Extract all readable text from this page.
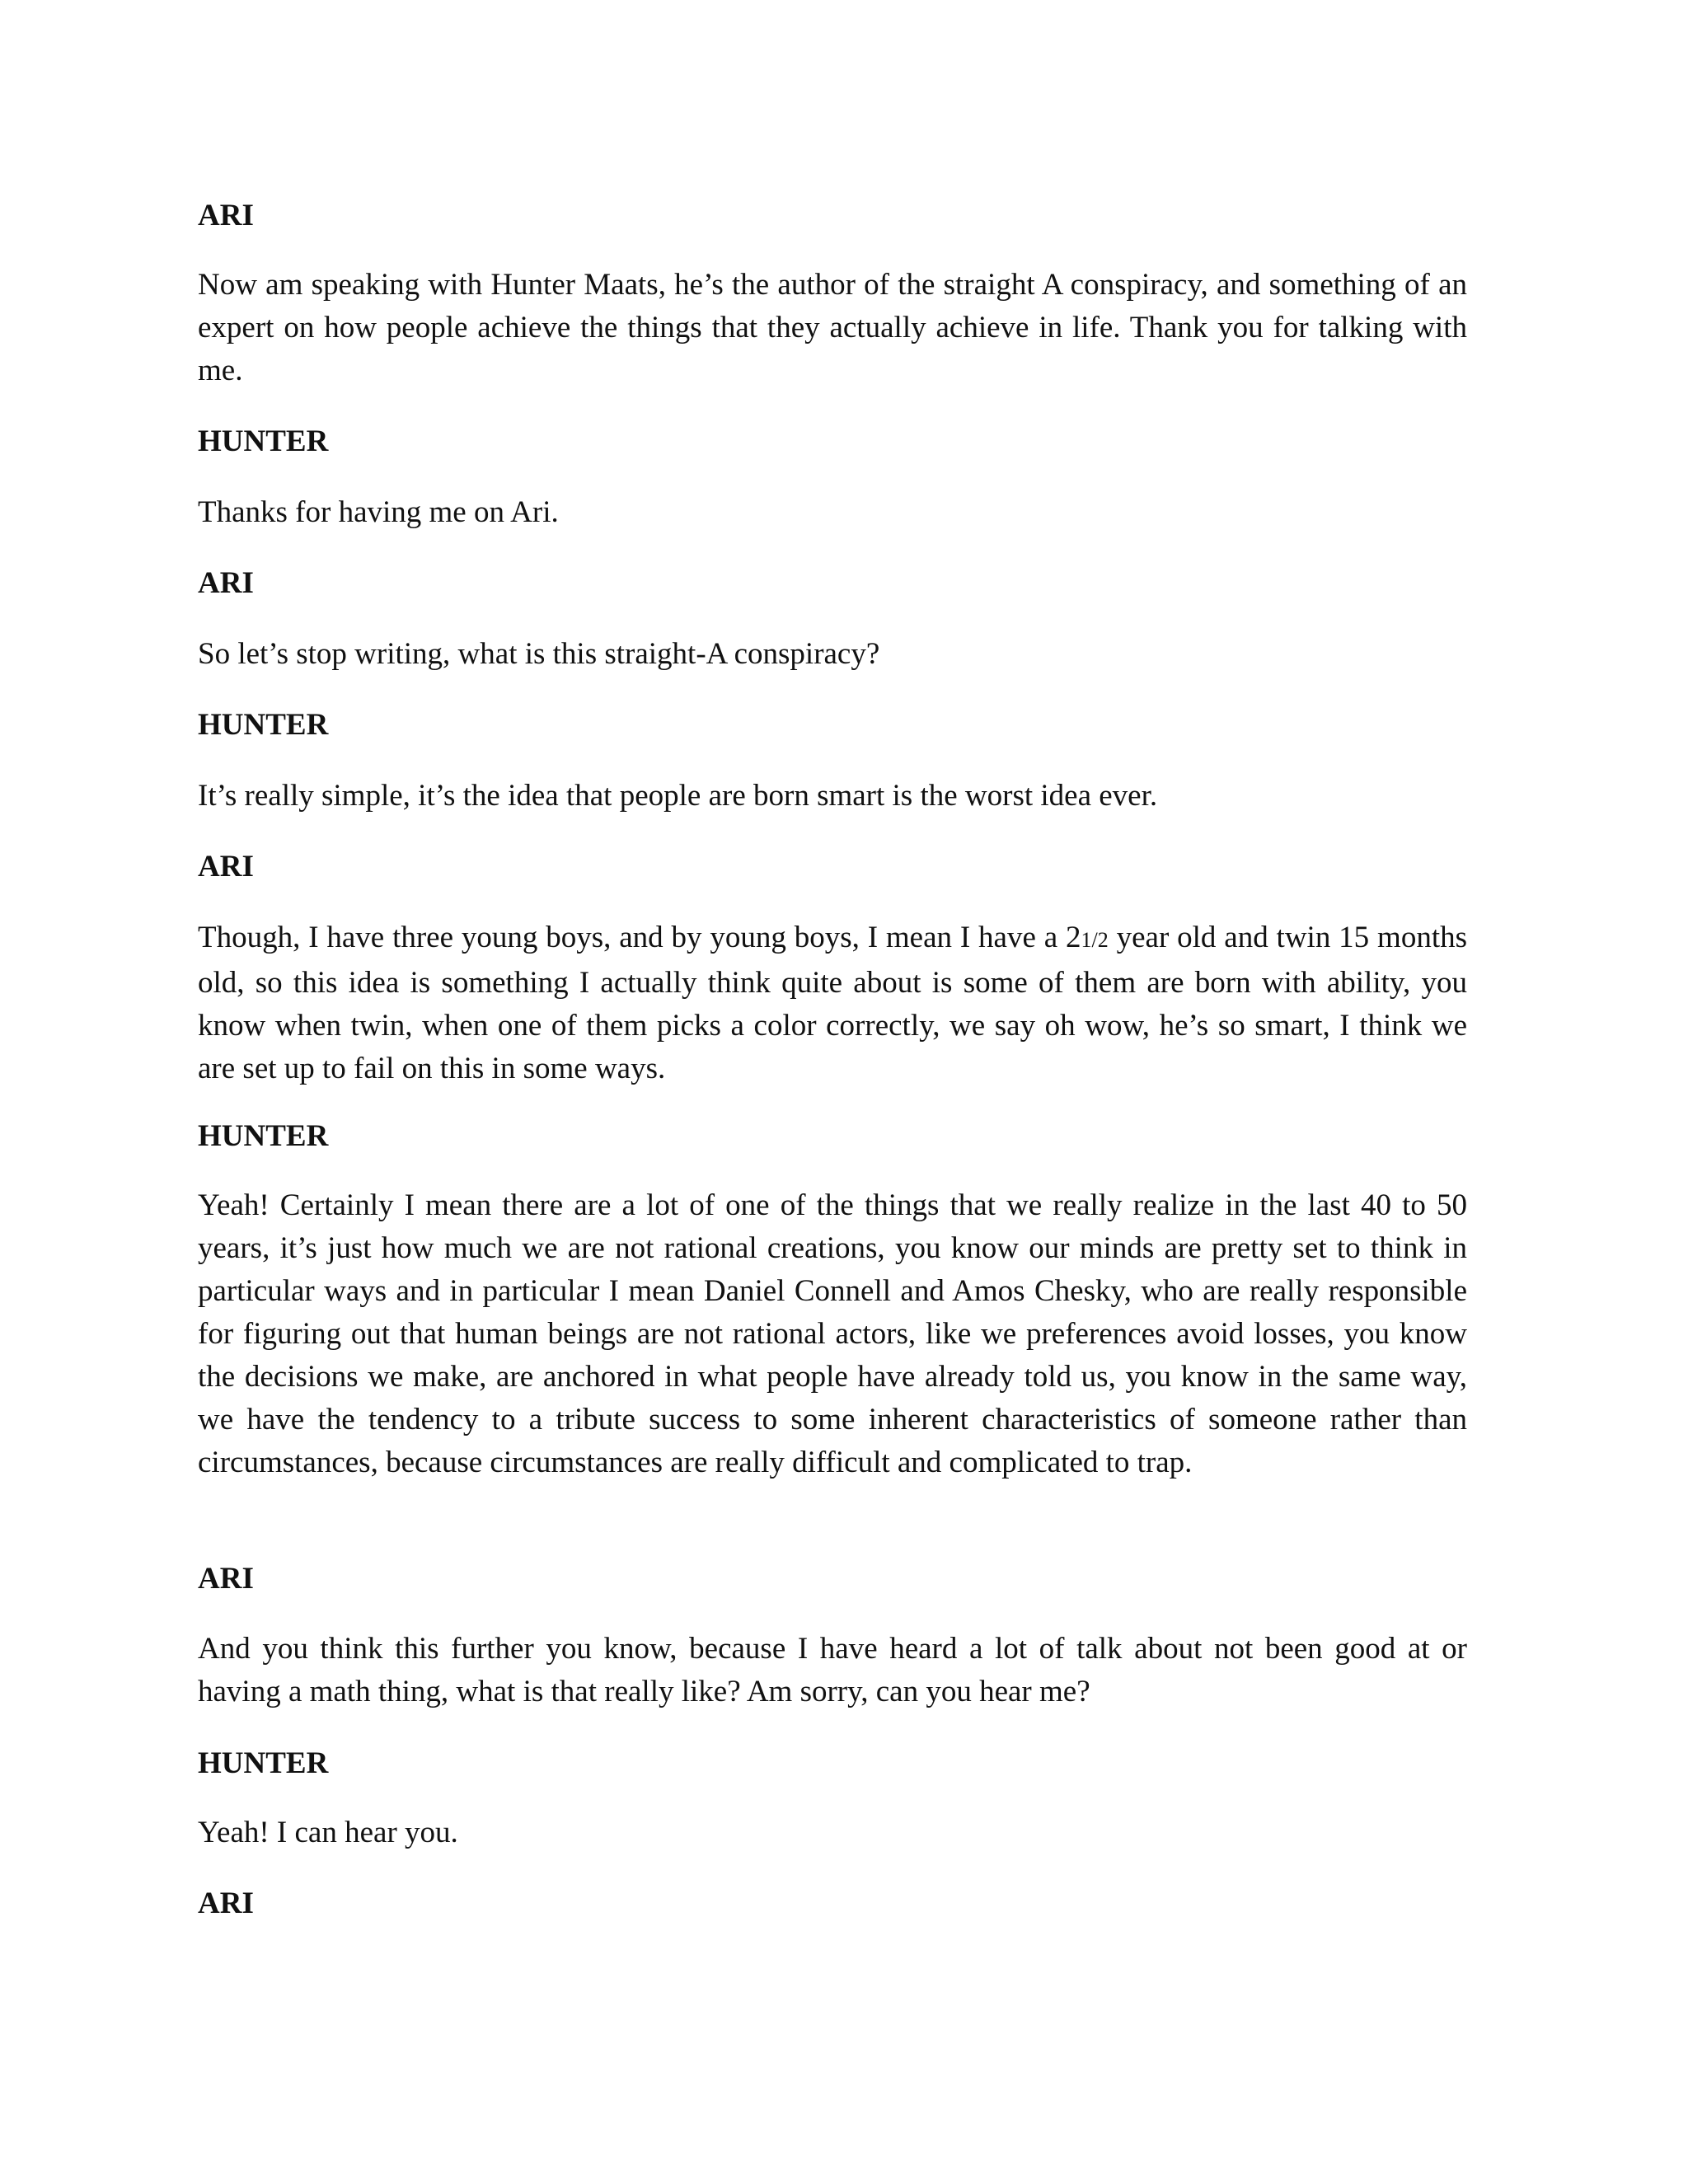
ARI
Now am speaking with Hunter Maats, he’s the author of the straight A conspiracy, and something of an expert on how people achieve the things that they actually achieve in life. Thank you for talking with me.
HUNTER
Thanks for having me on Ari.
ARI
So let’s stop writing, what is this straight-A conspiracy?
HUNTER
It’s really simple, it’s the idea that people are born smart is the worst idea ever.
ARI
Though, I have three young boys, and by young boys, I mean I have a 21/2 year old and twin 15 months old, so this idea is something I actually think quite about is some of them are born with ability, you know when twin, when one of them picks a color correctly, we say oh wow, he’s so smart, I think we are set up to fail on this in some ways.
HUNTER
Yeah! Certainly I mean there are a lot of one of the things that we really realize in the last 40 to 50 years, it’s just how much we are not rational creations, you know our minds are pretty set to think in particular ways and in particular I mean Daniel Connell and Amos Chesky, who are really responsible for figuring out that human beings are not rational actors, like we preferences avoid losses, you know the decisions we make, are anchored in what people have already told us, you know in the same way, we have the tendency to a tribute success to some inherent characteristics of someone rather than circumstances, because circumstances are really difficult and complicated to trap.
ARI
And you think this further you know, because I have heard a lot of talk about not been good at or having a math thing, what is that really like? Am sorry, can you hear me?
HUNTER
Yeah! I can hear you.
ARI
